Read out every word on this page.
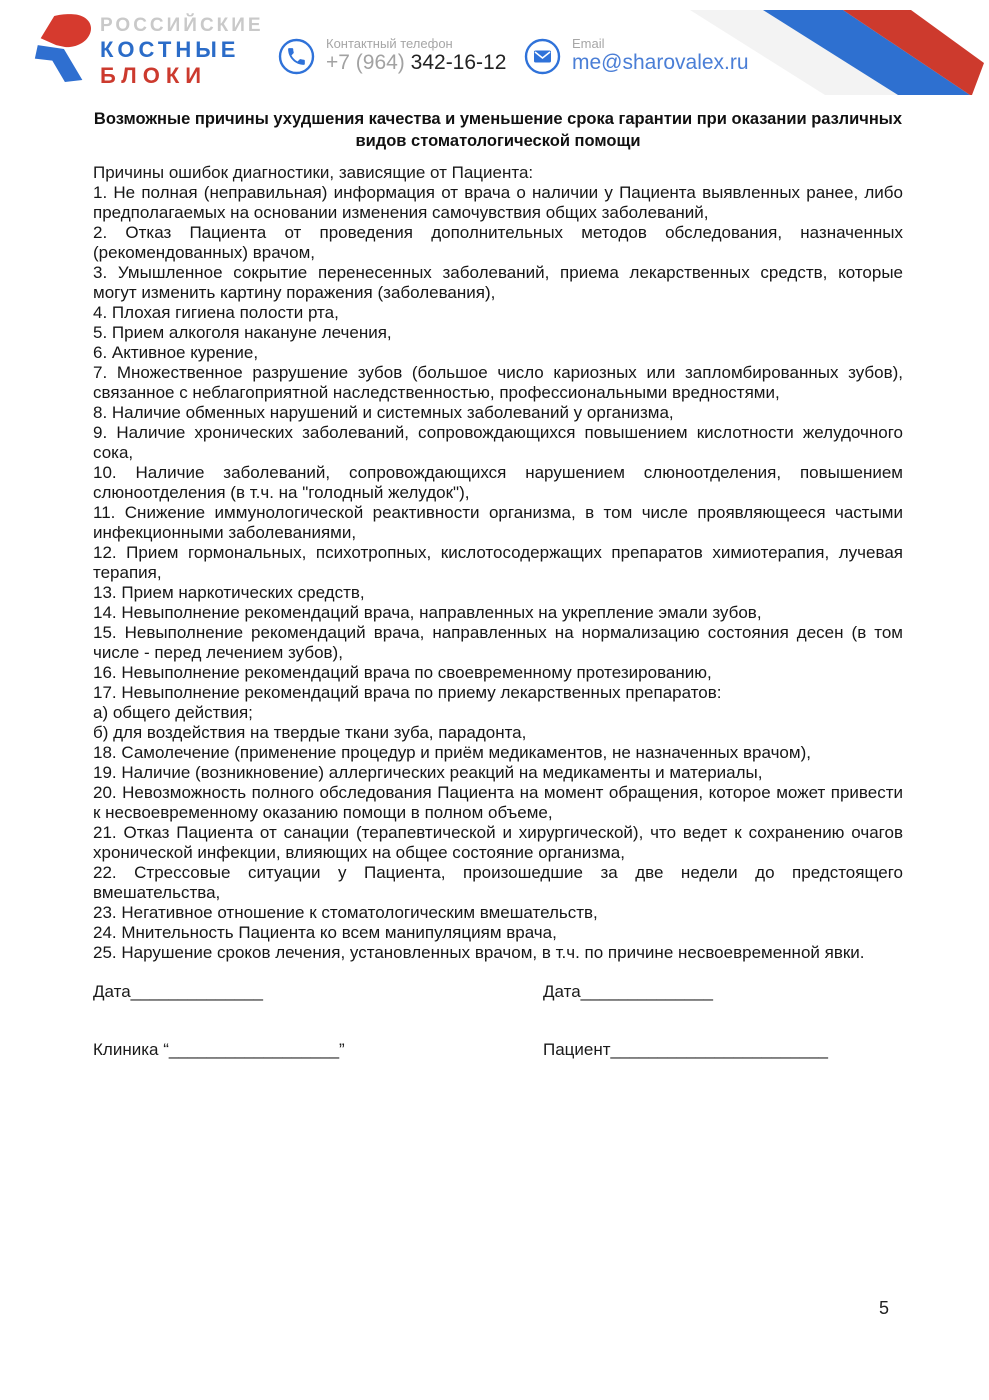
РОССИЙСКИЕ
КОСТНЫЕ
БЛОКИ
Контактный телефон
+7 (964) 342-16-12
Email
me@sharovalex.ru
Возможные причины ухудшения качества и уменьшение срока гарантии при оказании различных видов стоматологической помощи

Причины ошибок диагностики, зависящие от Пациента:

1. Не полная (неправильная) информация от врача о наличии у Пациента выявленных ранее, либо предполагаемых на основании изменения самочувствия общих заболеваний,

2. Отказ Пациента от проведения дополнительных методов обследования, назначенных (рекомендованных) врачом,

3. Умышленное сокрытие перенесенных заболеваний, приема лекарственных средств, которые могут изменить картину поражения (заболевания),

4. Плохая гигиена полости рта,

5. Прием алкоголя накануне лечения,

6. Активное курение,

7. Множественное разрушение зубов (большое число кариозных или запломбированных зубов), связанное с неблагоприятной наследственностью, профессиональными вредностями,

8. Наличие обменных нарушений и системных заболеваний у организма,

9. Наличие хронических заболеваний, сопровождающихся повышением кислотности желудочного сока,

10. Наличие заболеваний, сопровождающихся нарушением слюноотделения, повышением слюноотделения (в т.ч. на "голодный желудок"),

11. Снижение иммунологической реактивности организма, в том числе проявляющееся частыми инфекционными заболеваниями,

12. Прием гормональных, психотропных, кислотосодержащих препаратов химиотерапия, лучевая терапия,

13. Прием наркотических средств,

14. Невыполнение рекомендаций врача, направленных на укрепление эмали зубов,

15. Невыполнение рекомендаций врача, направленных на нормализацию состояния десен (в том числе - перед лечением зубов),

16. Невыполнение рекомендаций врача по своевременному протезированию,

17. Невыполнение рекомендаций врача по приему лекарственных препаратов:

а) общего действия;

б) для воздействия на твердые ткани зуба, парадонта,

18. Самолечение (применение процедур и приём медикаментов, не назначенных врачом),

19. Наличие (возникновение) аллергических реакций на медикаменты и материалы,

20. Невозможность полного обследования Пациента на момент обращения, которое может привести к несвоевременному оказанию помощи в полном объеме,

21. Отказ Пациента от санации (терапевтической и хирургической), что ведет к сохранению очагов хронической инфекции, влияющих на общее состояние организма,

22. Стрессовые ситуации у Пациента, произошедшие за две недели до предстоящего вмешательства,

23. Негативное отношение к стоматологическим вмешательств,

24. Мнительность Пациента ко всем манипуляциям врача,

25. Нарушение сроков лечения, установленных врачом, в т.ч. по причине несвоевременной явки.

Дата______________	Дата______________
Клиника “__________________”	Пациент_______________________
5
